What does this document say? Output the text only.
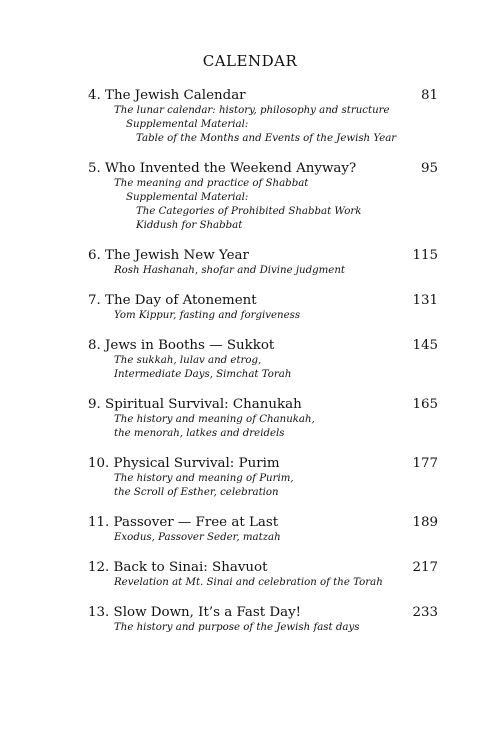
CALENDAR
4. The Jewish Calendar	81
The lunar calendar: history, philosophy and structure
Supplemental Material:
Table of the Months and Events of the Jewish Year
5. Who Invented the Weekend Anyway?	95
The meaning and practice of Shabbat
Supplemental Material:
The Categories of Prohibited Shabbat Work
Kiddush for Shabbat
6. The Jewish New Year	115
Rosh Hashanah, shofar and Divine judgment
7. The Day of Atonement	131
Yom Kippur, fasting and forgiveness
8. Jews in Booths — Sukkot	145
The sukkah, lulav and etrog,
Intermediate Days, Simchat Torah
9. Spiritual Survival: Chanukah	165
The history and meaning of Chanukah,
the menorah, latkes and dreidels
10. Physical Survival: Purim	177
The history and meaning of Purim,
the Scroll of Esther, celebration
11. Passover — Free at Last	189
Exodus, Passover Seder, matzah
12. Back to Sinai: Shavuot	217
Revelation at Mt. Sinai and celebration of the Torah
13. Slow Down, It’s a Fast Day!	233
The history and purpose of the Jewish fast days
